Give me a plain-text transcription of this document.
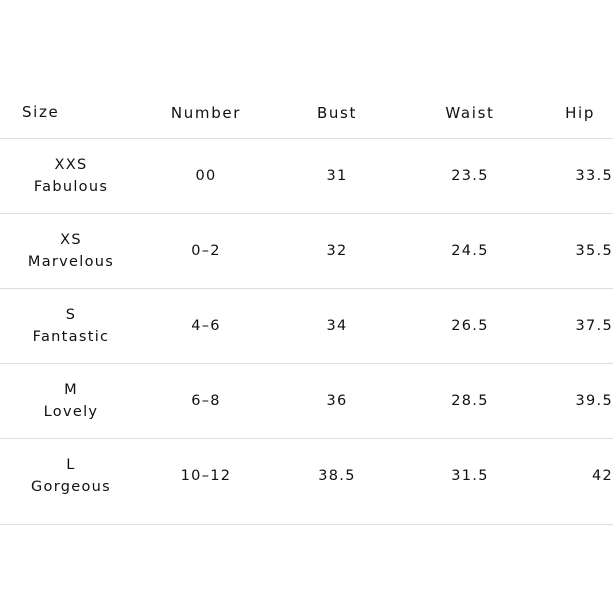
Size	Number	Bust	Waist	Hip

XXS
Fabulous	00	31	23.5	33.5

XS
Marvelous	0–2	32	24.5	35.5

S
Fantastic	4–6	34	26.5	37.5

M
Lovely	6–8	36	28.5	39.5

L
Gorgeous	10–12	38.5	31.5	42
